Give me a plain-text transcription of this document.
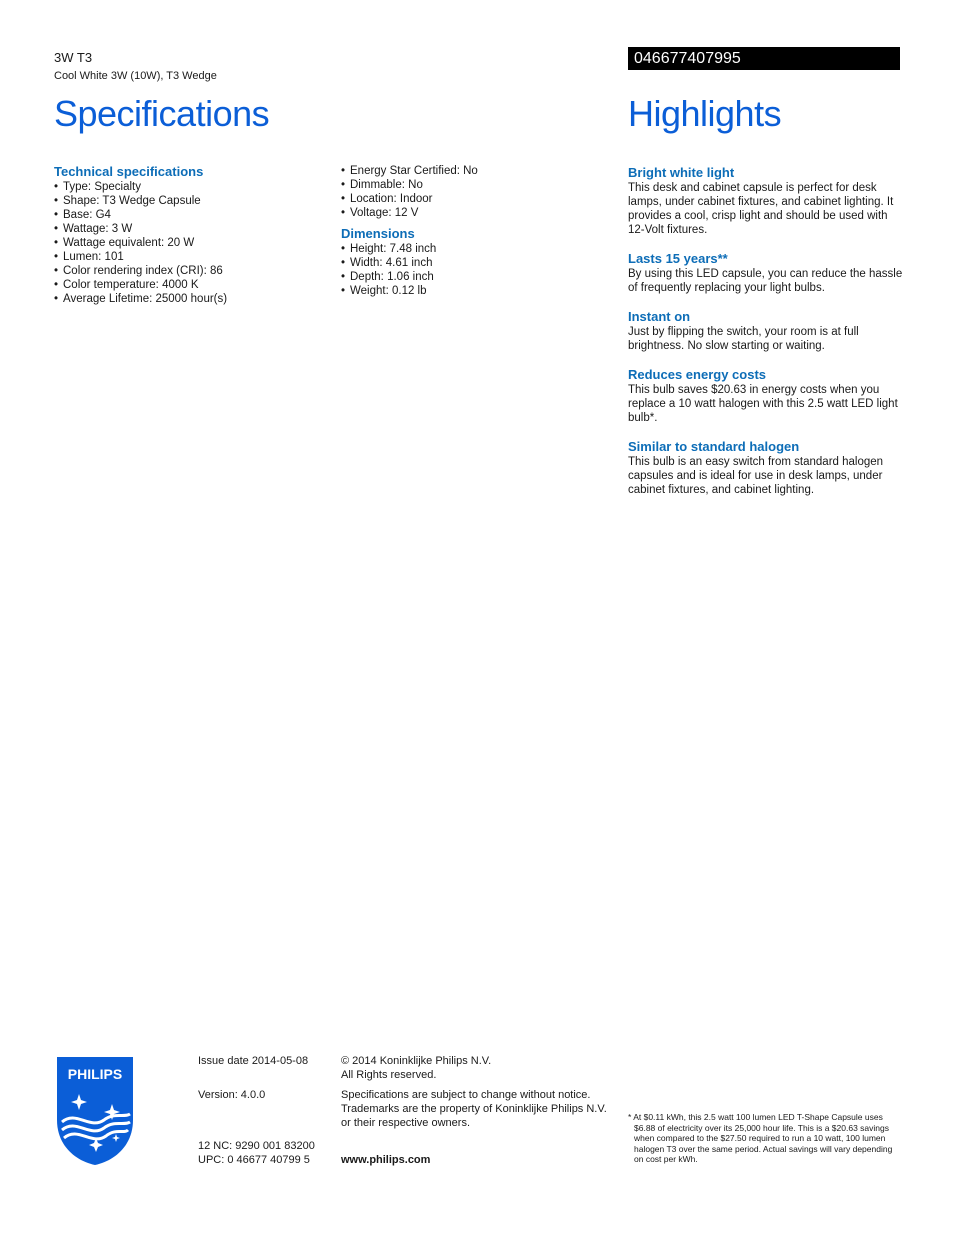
3W T3
Cool White 3W (10W), T3 Wedge
046677407995
Specifications	Highlights
Technical specifications
• Type: Specialty
• Shape: T3 Wedge Capsule
• Base: G4
• Wattage: 3 W
• Wattage equivalent: 20 W
• Lumen: 101
• Color rendering index (CRI): 86
• Color temperature: 4000 K
• Average Lifetime: 25000 hour(s)
• Energy Star Certified: No
• Dimmable: No
• Location: Indoor
• Voltage: 12 V
Dimensions
• Height: 7.48 inch
• Width: 4.61 inch
• Depth: 1.06 inch
• Weight: 0.12 lb
Bright white light

This desk and cabinet capsule is perfect for desk lamps, under cabinet fixtures, and cabinet lighting. It provides a cool, crisp light and should be used with 12-Volt fixtures.

Lasts 15 years**

By using this LED capsule, you can reduce the hassle of frequently replacing your light bulbs.

Instant on

Just by flipping the switch, your room is at full brightness. No slow starting or waiting.

Reduces energy costs

This bulb saves $20.63 in energy costs when you replace a 10 watt halogen with this 2.5 watt LED light bulb*.

Similar to standard halogen

This bulb is an easy switch from standard halogen capsules and is ideal for use in desk lamps, under cabinet fixtures, and cabinet lighting.

PHILIPS
Issue date 2014-05-08
Version: 4.0.0
12 NC: 9290 001 83200
UPC: 0 46677 40799 5
© 2014 Koninklijke Philips N.V.
All Rights reserved.
Specifications are subject to change without notice. Trademarks are the property of Koninklijke Philips N.V. or their respective owners.
www.philips.com
* At $0.11 kWh, this 2.5 watt 100 lumen LED T-Shape Capsule uses $6.88 of electricity over its 25,000 hour life. This is a $20.63 savings when compared to the $27.50 required to run a 10 watt, 100 lumen halogen T3 over the same period. Actual savings will vary depending on cost per kWh.
